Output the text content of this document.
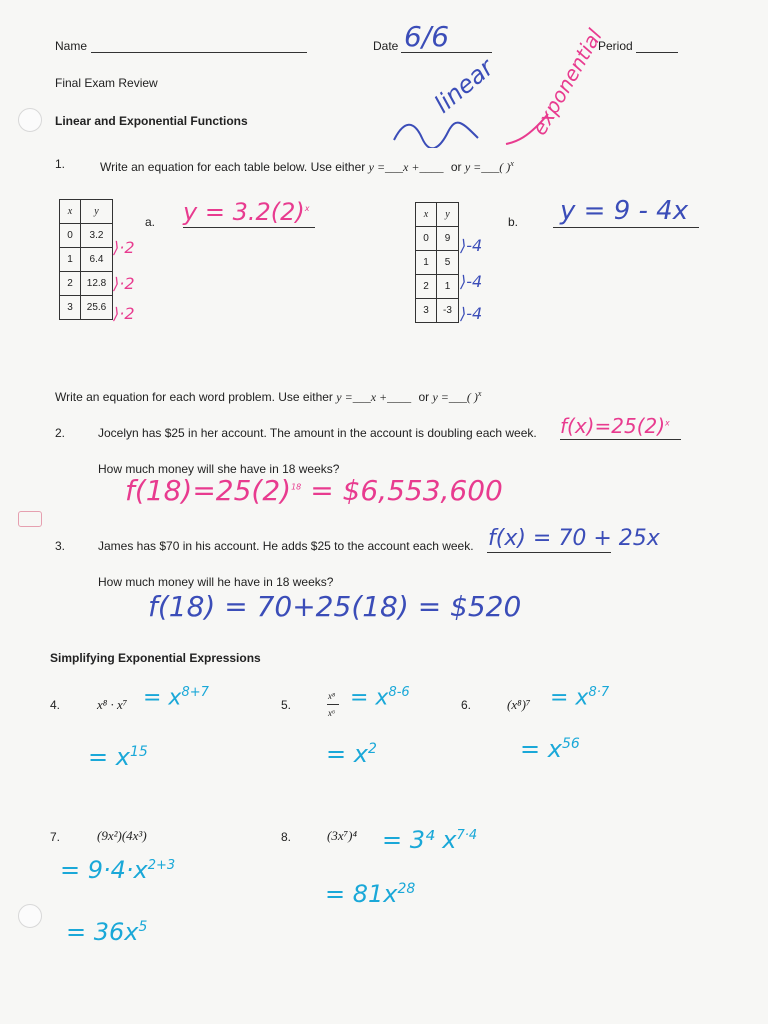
Name	Date 6/6	Period
Final Exam Review	linear exponential
Linear and Exponential Functions
1.	Write an equation for each table below. Use either y =___x +____ or y =___( )$^x$
x	y
0	3.2
1	6.4
2	12.8
3	25.6
⟩·2
⟩·2
⟩·2
a. $y = 3.2(2)^x$
x	y
0	9
1	5
2	1
3	-3
⟩-4
⟩-4
⟩-4
b. y = 9 - 4x
Write an equation for each word problem. Use either y =___x +____ or y =___( )$^x$
2.	Jocelyn has $25 in her account. The amount in the account is doubling each week. $f(x)=25(2)^x$
How much money will she have in 18 weeks?
$f(18)=25(2)^{18}$ = $6,553,600
3.	James has $70 in his account. He adds $25 to the account each week. f(x) = 70 + 25x
How much money will he have in 18 weeks?
f(18) = 70+25(18) = $520
Simplifying Exponential Expressions
4.	$x^8 \cdot x^7 = x^{8+7}$
= $x^{15}$
5.
x⁸
x⁶
= $x^{8-6}$
= $x^2$
6.	$(x^8)^7 = x^{8\cdot 7}$
= $x^{56}$
7.	(9x²)(4x³)
= $9\cdot 4\cdot x^{2+3}$
= $36x^5$
8.	(3x⁷)⁴ = 3⁴ $x^{7\cdot 4}$
= $81x^{28}$
